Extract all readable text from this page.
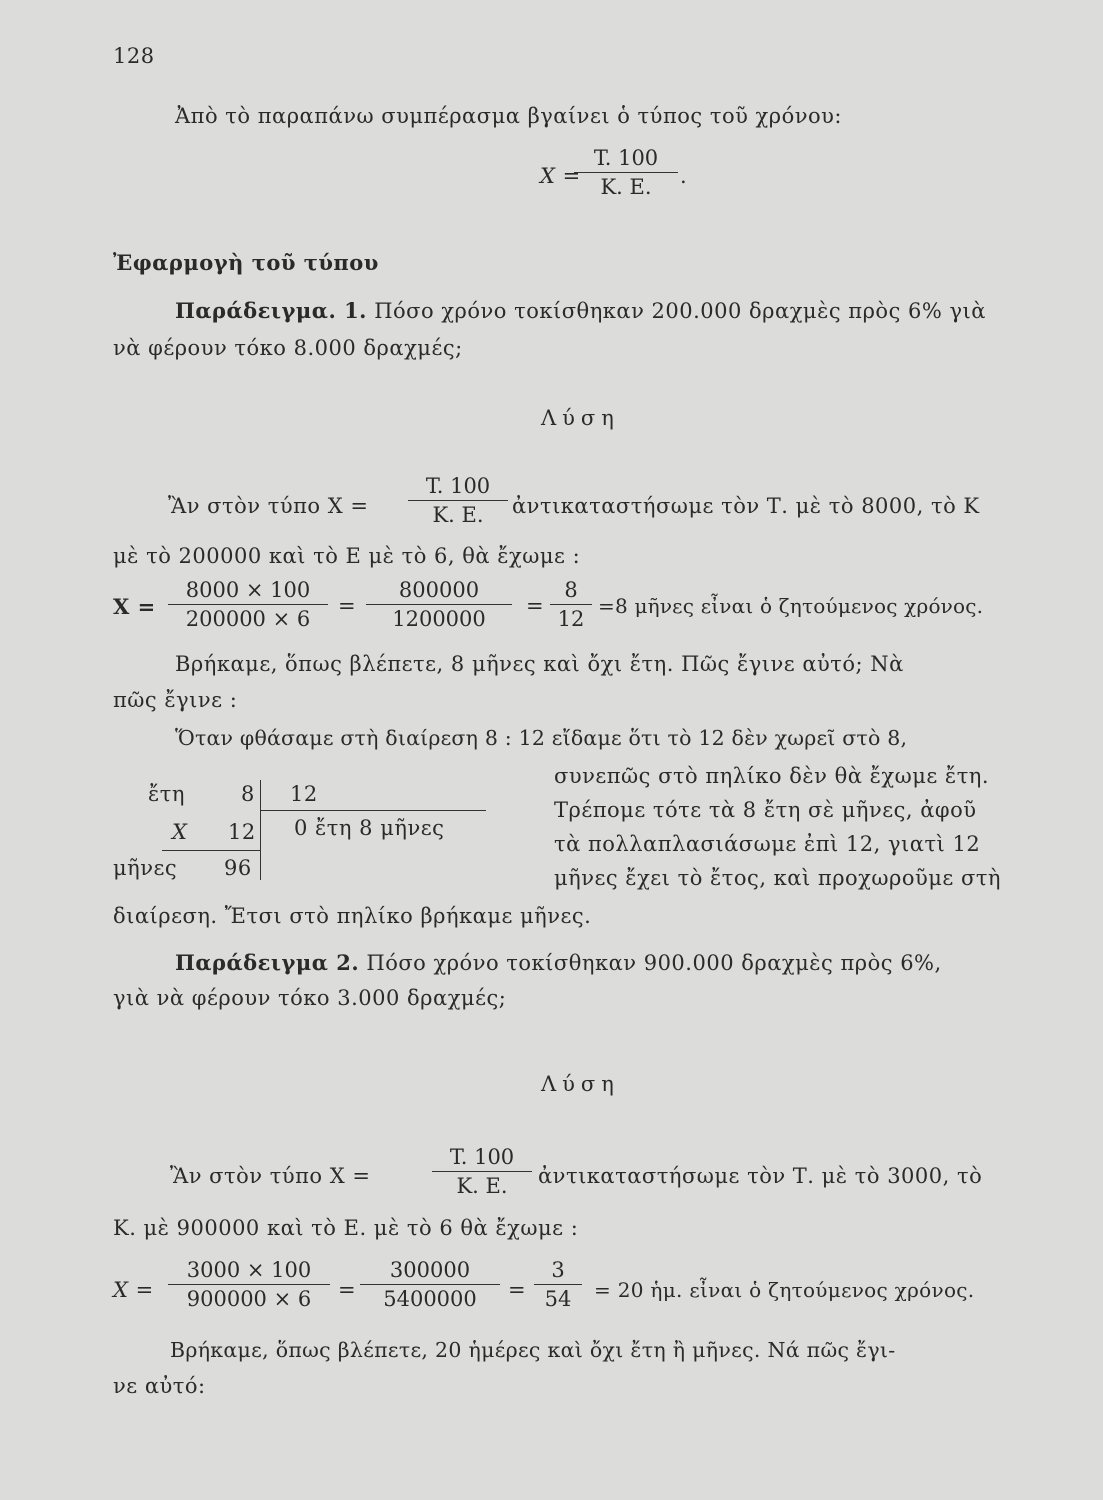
128
Ἀπὸ τὸ παραπάνω συμπέρασμα βγαίνει ὁ τύπος τοῦ χρόνου:
X =
T. 100
K. E.	.
Ἐφαρμογὴ τοῦ τύπου
Παράδειγμα. 1. Πόσο χρόνο τοκίσθηκαν 200.000 δραχμὲς πρὸς 6% γιὰ
νὰ φέρουν τόκο 8.000 δραχμές;
Λύση
Ἂν στὸν τύπο X =
T. 100
K. E.	ἀντικαταστήσωμε τὸν Τ. μὲ τὸ 8000, τὸ Κ
μὲ τὸ 200000 καὶ τὸ Ε μὲ τὸ 6, θὰ ἔχωμε :
X =
8000 × 100
200000 × 6
=
800000
1200000
=
8
12
=8 μῆνες εἶναι ὁ ζητούμενος χρόνος.
Βρήκαμε, ὅπως βλέπετε, 8 μῆνες καὶ ὄχι ἔτη. Πῶς ἔγινε αὐτό; Νὰ
πῶς ἔγινε :
Ὅταν φθάσαμε στὴ διαίρεση 8 : 12 εἴδαμε ὅτι τὸ 12 δὲν χωρεῖ στὸ 8,
ἔτη	8 12
X 12 0 ἔτη 8 μῆνες
μῆνες 96
συνεπῶς στὸ πηλίκο δὲν θὰ ἔχωμε ἔτη.
Τρέπομε τότε τὰ 8 ἔτη σὲ μῆνες, ἀφοῦ
τὰ πολλαπλασιάσωμε ἐπὶ 12, γιατὶ 12
μῆνες ἔχει τὸ ἔτος, καὶ προχωροῦμε στὴ
διαίρεση. Ἔτσι στὸ πηλίκο βρήκαμε μῆνες.
Παράδειγμα 2. Πόσο χρόνο τοκίσθηκαν 900.000 δραχμὲς πρὸς 6%,
γιὰ νὰ φέρουν τόκο 3.000 δραχμές;
Λύση
Ἂν στὸν τύπο X =
T. 100
K. E.	ἀντικαταστήσωμε τὸν Τ. μὲ τὸ 3000, τὸ
Κ. μὲ 900000 καὶ τὸ Ε. μὲ τὸ 6 θὰ ἔχωμε :
X =
3000 × 100
900000 × 6	=
300000
5400000	=
3
54	= 20 ἡμ. εἶναι ὁ ζητούμενος χρόνος.
Βρήκαμε, ὅπως βλέπετε, 20 ἡμέρες καὶ ὄχι ἔτη ἢ μῆνες. Νά πῶς ἔγι-
νε αὐτό:
